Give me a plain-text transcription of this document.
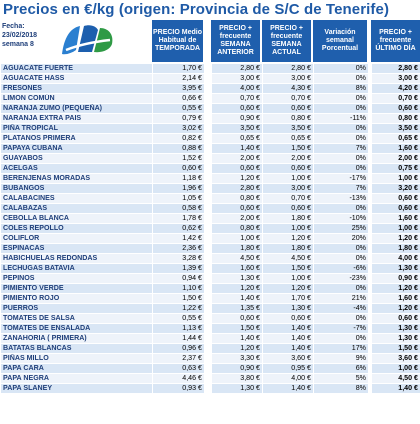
Precios en €/kg (origen: Provincia de S/C de Tenerife)
Fecha:
23/02/2018
semana 8
PRECIO Medio Habitual de TEMPORADA
PRECIO + frecuente SEMANA ANTERIOR
PRECIO + frecuente SEMANA ACTUAL
Variación semanal Porcentual
PRECIO + frecuente ÚLTIMO DÍA
AGUACATE FUERTE	1,70 €		2,80 €	2,80 €	0%		2,80 €
AGUACATE HASS	2,14 €		3,00 €	3,00 €	0%		3,00 €
FRESONES	3,95 €		4,00 €	4,30 €	8%		4,20 €
LIMON COMÚN	0,66 €		0,70 €	0,70 €	0%		0,70 €
NARANJA ZUMO (PEQUEÑA)	0,55 €		0,60 €	0,60 €	0%		0,60 €
NARANJA EXTRA PAIS	0,79 €		0,90 €	0,80 €	-11%		0,80 €
PIÑA TROPICAL	3,02 €		3,50 €	3,50 €	0%		3,50 €
PLATANOS PRIMERA	0,82 €		0,65 €	0,65 €	0%		0,65 €
PAPAYA CUBANA	0,88 €		1,40 €	1,50 €	7%		1,60 €
GUAYABOS	1,52 €		2,00 €	2,00 €	0%		2,00 €
ACELGAS	0,60 €		0,60 €	0,60 €	0%		0,75 €
BERENJENAS MORADAS	1,18 €		1,20 €	1,00 €	-17%		1,00 €
BUBANGOS	1,96 €		2,80 €	3,00 €	7%		3,20 €
CALABACINES	1,05 €		0,80 €	0,70 €	-13%		0,60 €
CALABAZAS	0,58 €		0,60 €	0,60 €	0%		0,60 €
CEBOLLA BLANCA	1,78 €		2,00 €	1,80 €	-10%		1,60 €
COLES REPOLLO	0,62 €		0,80 €	1,00 €	25%		1,00 €
COLIFLOR	1,42 €		1,00 €	1,20 €	20%		1,20 €
ESPINACAS	2,36 €		1,80 €	1,80 €	0%		1,80 €
HABICHUELAS REDONDAS	3,28 €		4,50 €	4,50 €	0%		4,00 €
LECHUGAS BATAVIA	1,39 €		1,60 €	1,50 €	-6%		1,30 €
PEPINOS	0,94 €		1,30 €	1,00 €	-23%		0,90 €
PIMIENTO VERDE	1,10 €		1,20 €	1,20 €	0%		1,20 €
PIMIENTO ROJO	1,50 €		1,40 €	1,70 €	21%		1,60 €
PUERROS	1,22 €		1,35 €	1,30 €	-4%		1,20 €
TOMATES DE SALSA	0,55 €		0,60 €	0,60 €	0%		0,60 €
TOMATES DE ENSALADA	1,13 €		1,50 €	1,40 €	-7%		1,30 €
ZANAHORIA ( PRIMERA)	1,44 €		1,40 €	1,40 €	0%		1,30 €
BATATAS BLANCAS	0,96 €		1,20 €	1,40 €	17%		1,50 €
PIÑAS MILLO	2,37 €		3,30 €	3,60 €	9%		3,60 €
PAPA CARA	0,63 €		0,90 €	0,95 €	6%		1,00 €
PAPA NEGRA	4,46 €		3,80 €	4,00 €	5%		4,50 €
PAPA SLANEY	0,93 €		1,30 €	1,40 €	8%		1,40 €
